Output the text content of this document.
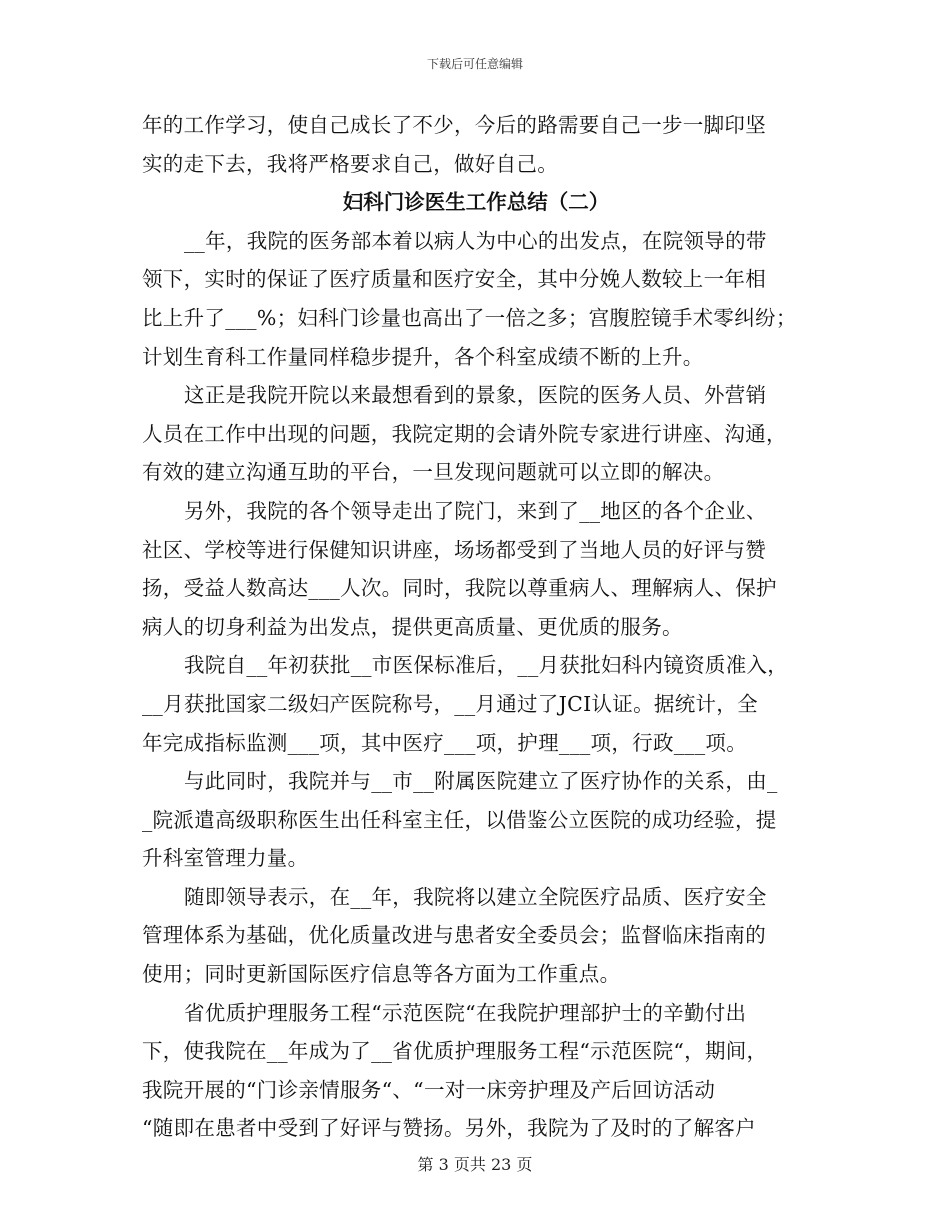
下载后可任意编辑
年的工作学习，使自己成长了不少，今后的路需要自己一步一脚印坚
实的走下去，我将严格要求自己，做好自己。
妇科门诊医生工作总结（二）
__年，我院的医务部本着以病人为中心的出发点，在院领导的带
领下，实时的保证了医疗质量和医疗安全，其中分娩人数较上一年相
比上升了___%；妇科门诊量也高出了一倍之多；宫腹腔镜手术零纠纷；
计划生育科工作量同样稳步提升，各个科室成绩不断的上升。
这正是我院开院以来最想看到的景象，医院的医务人员、外营销
人员在工作中出现的问题，我院定期的会请外院专家进行讲座、沟通，
有效的建立沟通互助的平台，一旦发现问题就可以立即的解决。
另外，我院的各个领导走出了院门，来到了__地区的各个企业、
社区、学校等进行保健知识讲座，场场都受到了当地人员的好评与赞
扬，受益人数高达___人次。同时，我院以尊重病人、理解病人、保护
病人的切身利益为出发点，提供更高质量、更优质的服务。
我院自__年初获批__市医保标准后，__月获批妇科内镜资质准入，
__月获批国家二级妇产医院称号，__月通过了JCI认证。据统计，全
年完成指标监测___项，其中医疗___项，护理___项，行政___项。
与此同时，我院并与__市__附属医院建立了医疗协作的关系，由_
_院派遣高级职称医生出任科室主任，以借鉴公立医院的成功经验，提
升科室管理力量。
随即领导表示，在__年，我院将以建立全院医疗品质、医疗安全
管理体系为基础，优化质量改进与患者安全委员会；监督临床指南的
使用；同时更新国际医疗信息等各方面为工作重点。
省优质护理服务工程“示范医院“在我院护理部护士的辛勤付出
下，使我院在__年成为了__省优质护理服务工程“示范医院“，期间，
我院开展的“门诊亲情服务“、“一对一床旁护理及产后回访活动
“随即在患者中受到了好评与赞扬。另外，我院为了及时的了解客户
第 3 页共 23 页
